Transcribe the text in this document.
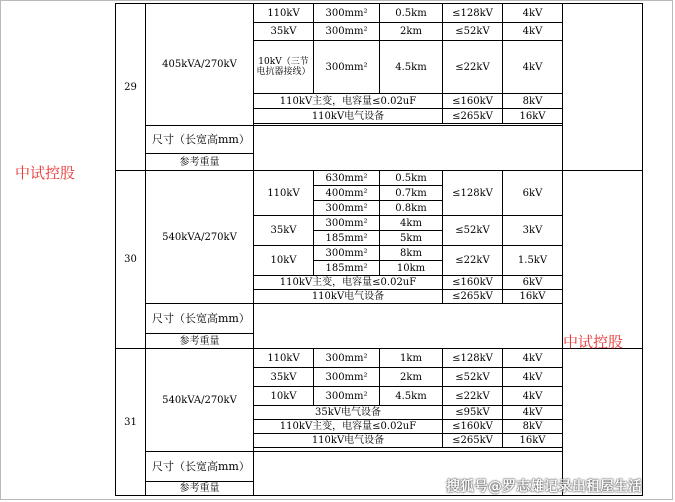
29	405kVA/270kV	110kV	300mm²	0.5km	≤128kV	4kV	
		35kV	300mm²	2km	≤52kV	4kV	
		10kV（三节电抗器接线）	300mm²	4.5km	≤22kV	4kV	
		110kV主变，电容量≤0.02uF			≤160kV	8kV	
		110kV电气设备			≤265kV	16kV	

	尺寸（长宽高mm）						
	参考重量						
30	540kVA/270kV	110kV	630mm²	0.5km	≤128kV	6kV	
			400mm²	0.7km			
			300mm²	0.8km			
		35kV	300mm²	4km	≤52kV	3kV	
			185mm²	5km			
		10kV	300mm²	8km	≤22kV	1.5kV	
			185mm²	10km			
		110kV主变，电容量≤0.02uF			≤160kV	6kV	
		110kV电气设备			≤265kV	16kV	
	尺寸（长宽高mm）						
	参考重量						
31	540kVA/270kV	110kV	300mm²	1km	≤128kV	4kV	
		35kV	300mm²	2km	≤52kV	4kV	
		10kV	300mm²	4.5km	≤22kV	4kV	
		35kV电气设备			≤95kV	4kV	
		110kV主变，电容量≤0.02uF			≤160kV	8kV	
		110kV电气设备			≤265kV	16kV	

	尺寸（长宽高mm）						
	参考重量						
中试控股
中试控股
搜狐号@罗志雄记录出租屋生活
